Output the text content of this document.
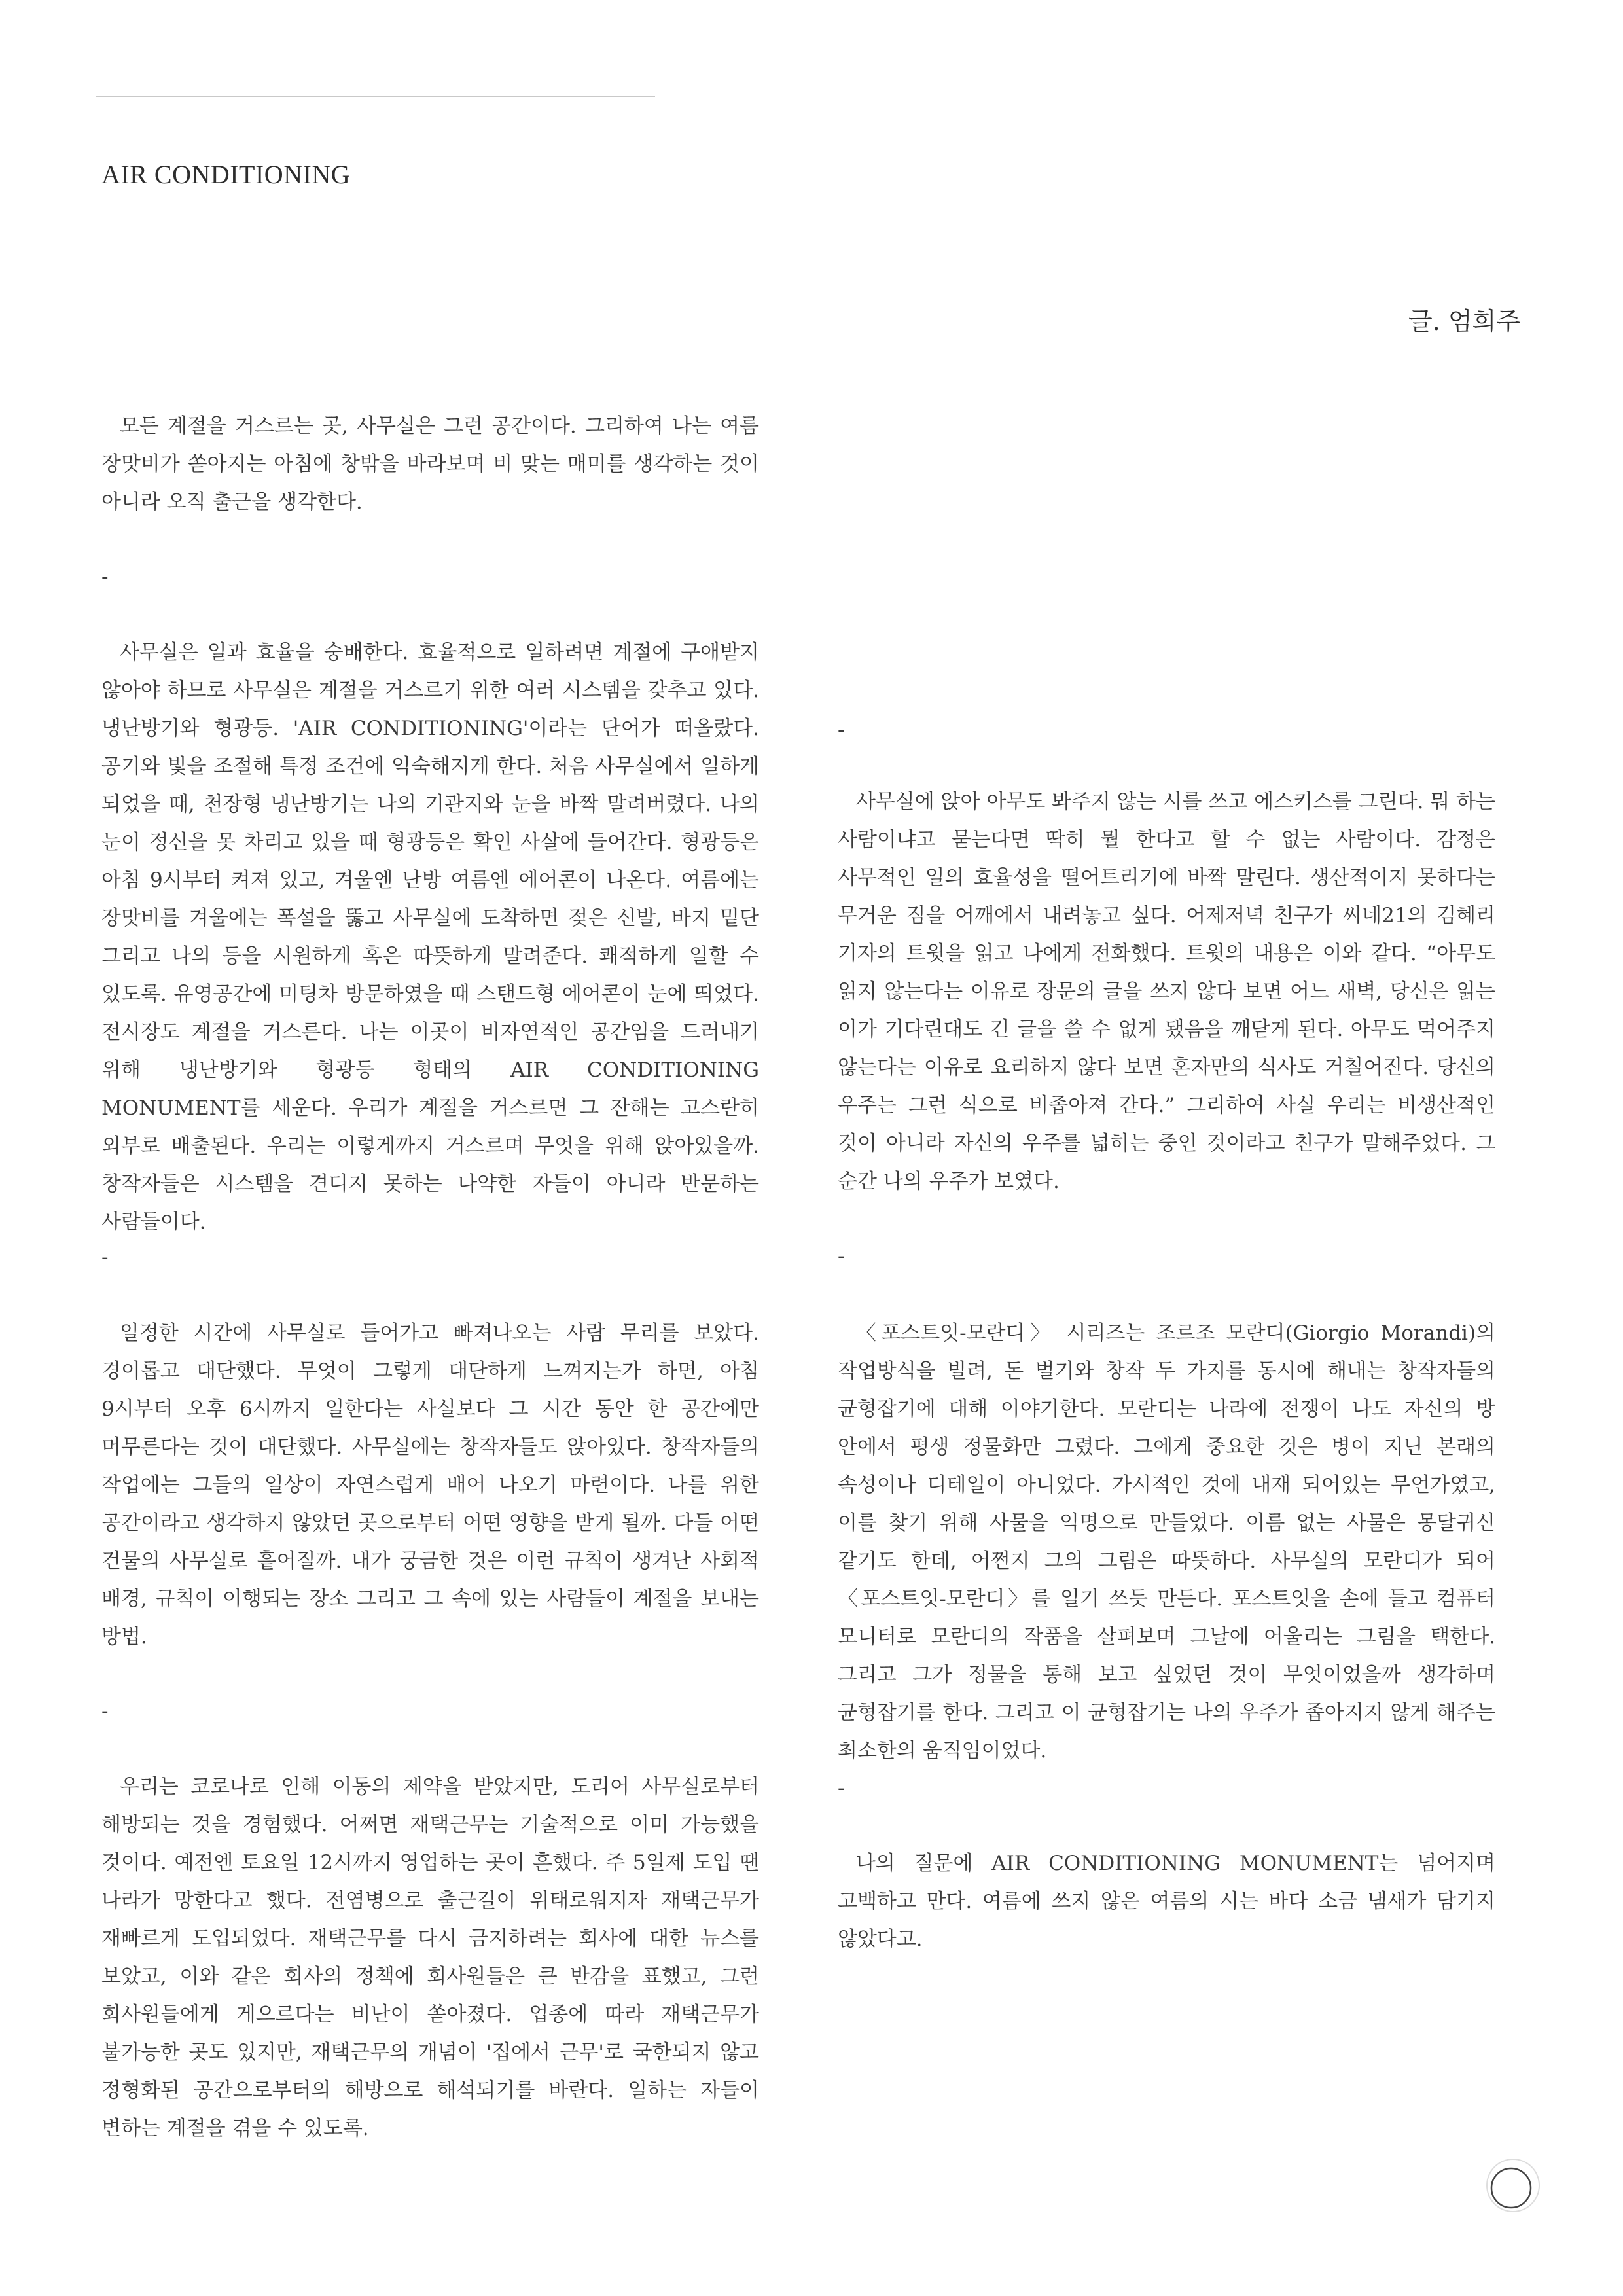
AIR CONDITIONING
글. 엄희주
모든 계절을 거스르는 곳, 사무실은 그런 공간이다. 그리하여 나는 여름 장맛비가 쏟아지는 아침에 창밖을 바라보며 비 맞는 매미를 생각하는 것이 아니라 오직 출근을 생각한다.
-
사무실은 일과 효율을 숭배한다. 효율적으로 일하려면 계절에 구애받지 않아야 하므로 사무실은 계절을 거스르기 위한 여러 시스템을 갖추고 있다. 냉난방기와 형광등. 'AIR CONDITIONING'이라는 단어가 떠올랐다. 공기와 빛을 조절해 특정 조건에 익숙해지게 한다. 처음 사무실에서 일하게 되었을 때, 천장형 냉난방기는 나의 기관지와 눈을 바짝 말려버렸다. 나의 눈이 정신을 못 차리고 있을 때 형광등은 확인 사살에 들어간다. 형광등은 아침 9시부터 켜져 있고, 겨울엔 난방 여름엔 에어콘이 나온다. 여름에는 장맛비를 겨울에는 폭설을 뚫고 사무실에 도착하면 젖은 신발, 바지 밑단 그리고 나의 등을 시원하게 혹은 따뜻하게 말려준다. 쾌적하게 일할 수 있도록. 유영공간에 미팅차 방문하였을 때 스탠드형 에어콘이 눈에 띄었다. 전시장도 계절을 거스른다. 나는 이곳이 비자연적인 공간임을 드러내기 위해 냉난방기와 형광등 형태의 AIR CONDITIONING MONUMENT를 세운다. 우리가 계절을 거스르면 그 잔해는 고스란히 외부로 배출된다. 우리는 이렇게까지 거스르며 무엇을 위해 앉아있을까. 창작자들은 시스템을 견디지 못하는 나약한 자들이 아니라 반문하는 사람들이다.
-
일정한 시간에 사무실로 들어가고 빠져나오는 사람 무리를 보았다. 경이롭고 대단했다. 무엇이 그렇게 대단하게 느껴지는가 하면, 아침 9시부터 오후 6시까지 일한다는 사실보다 그 시간 동안 한 공간에만 머무른다는 것이 대단했다. 사무실에는 창작자들도 앉아있다. 창작자들의 작업에는 그들의 일상이 자연스럽게 배어 나오기 마련이다. 나를 위한 공간이라고 생각하지 않았던 곳으로부터 어떤 영향을 받게 될까. 다들 어떤 건물의 사무실로 흩어질까. 내가 궁금한 것은 이런 규칙이 생겨난 사회적 배경, 규칙이 이행되는 장소 그리고 그 속에 있는 사람들이 계절을 보내는 방법.
-
우리는 코로나로 인해 이동의 제약을 받았지만, 도리어 사무실로부터 해방되는 것을 경험했다. 어쩌면 재택근무는 기술적으로 이미 가능했을 것이다. 예전엔 토요일 12시까지 영업하는 곳이 흔했다. 주 5일제 도입 땐 나라가 망한다고 했다. 전염병으로 출근길이 위태로워지자 재택근무가 재빠르게 도입되었다. 재택근무를 다시 금지하려는 회사에 대한 뉴스를 보았고, 이와 같은 회사의 정책에 회사원들은 큰 반감을 표했고, 그런 회사원들에게 게으르다는 비난이 쏟아졌다. 업종에 따라 재택근무가 불가능한 곳도 있지만, 재택근무의 개념이 '집에서 근무'로 국한되지 않고 정형화된 공간으로부터의 해방으로 해석되기를 바란다. 일하는 자들이 변하는 계절을 겪을 수 있도록.
-
사무실에 앉아 아무도 봐주지 않는 시를 쓰고 에스키스를 그린다. 뭐 하는 사람이냐고 묻는다면 딱히 뭘 한다고 할 수 없는 사람이다. 감정은 사무적인 일의 효율성을 떨어트리기에 바짝 말린다. 생산적이지 못하다는 무거운 짐을 어깨에서 내려놓고 싶다. 어제저녁 친구가 씨네21의 김혜리 기자의 트윗을 읽고 나에게 전화했다. 트윗의 내용은 이와 같다. “아무도 읽지 않는다는 이유로 장문의 글을 쓰지 않다 보면 어느 새벽, 당신은 읽는 이가 기다린대도 긴 글을 쓸 수 없게 됐음을 깨닫게 된다. 아무도 먹어주지 않는다는 이유로 요리하지 않다 보면 혼자만의 식사도 거칠어진다. 당신의 우주는 그런 식으로 비좁아져 간다.” 그리하여 사실 우리는 비생산적인 것이 아니라 자신의 우주를 넓히는 중인 것이라고 친구가 말해주었다. 그 순간 나의 우주가 보였다.
-
〈포스트잇-모란디〉 시리즈는 조르조 모란디(Giorgio Morandi)의 작업방식을 빌려, 돈 벌기와 창작 두 가지를 동시에 해내는 창작자들의 균형잡기에 대해 이야기한다. 모란디는 나라에 전쟁이 나도 자신의 방 안에서 평생 정물화만 그렸다. 그에게 중요한 것은 병이 지닌 본래의 속성이나 디테일이 아니었다. 가시적인 것에 내재 되어있는 무언가였고, 이를 찾기 위해 사물을 익명으로 만들었다. 이름 없는 사물은 몽달귀신 같기도 한데, 어쩐지 그의 그림은 따뜻하다. 사무실의 모란디가 되어 〈포스트잇-모란디〉를 일기 쓰듯 만든다. 포스트잇을 손에 들고 컴퓨터 모니터로 모란디의 작품을 살펴보며 그날에 어울리는 그림을 택한다. 그리고 그가 정물을 통해 보고 싶었던 것이 무엇이었을까 생각하며 균형잡기를 한다. 그리고 이 균형잡기는 나의 우주가 좁아지지 않게 해주는 최소한의 움직임이었다.
-
나의 질문에 AIR CONDITIONING MONUMENT는 넘어지며 고백하고 만다. 여름에 쓰지 않은 여름의 시는 바다 소금 냄새가 담기지 않았다고.
